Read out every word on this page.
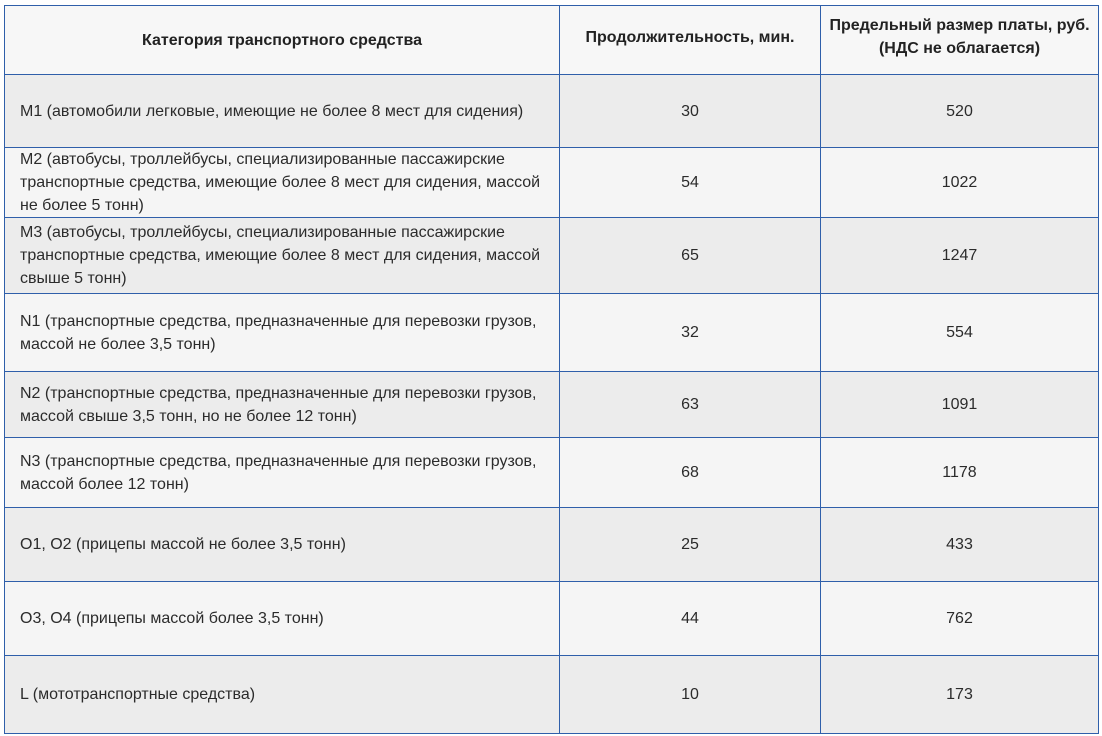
Категория транспортного средства	Продолжительность, мин.	Предельный размер платы, руб. (НДС не облагается)

M1 (автомобили легковые, имеющие не более 8 мест для сидения)	30	520
M2 (автобусы, троллейбусы, специализированные пассажирские транспортные средства, имеющие более 8 мест для сидения, массой не более 5 тонн)	54	1022
M3 (автобусы, троллейбусы, специализированные пассажирские транспортные средства, имеющие более 8 мест для сидения, массой свыше 5 тонн)	65	1247
N1 (транспортные средства, предназначенные для перевозки грузов, массой не более 3,5 тонн)	32	554
N2 (транспортные средства, предназначенные для перевозки грузов, массой свыше 3,5 тонн, но не более 12 тонн)	63	1091
N3 (транспортные средства, предназначенные для перевозки грузов, массой более 12 тонн)	68	1178
O1, O2 (прицепы массой не более 3,5 тонн)	25	433
O3, O4 (прицепы массой более 3,5 тонн)	44	762
L (мототранспортные средства)	10	173
